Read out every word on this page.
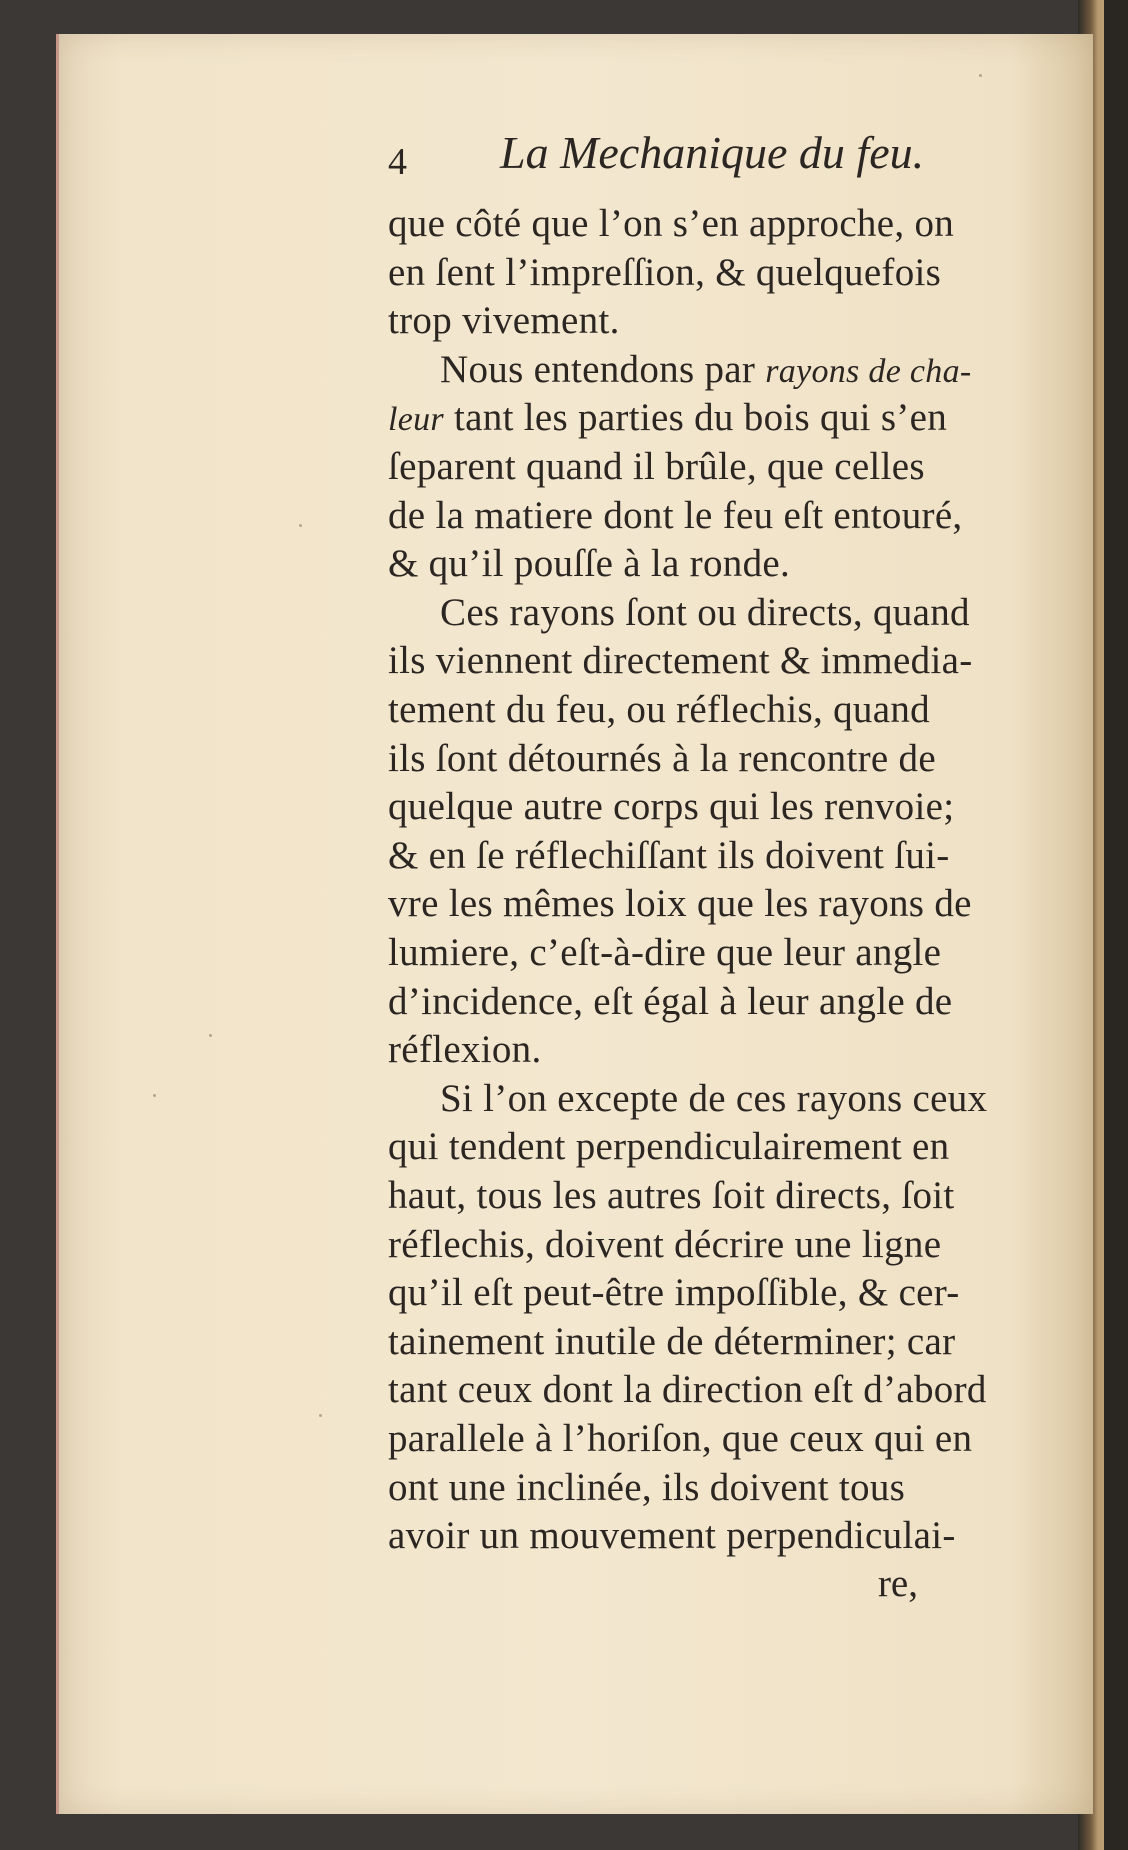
4 La Mechanique du feu.
que côté que l’on s’en approche, on
en ſent l’impreſſion, & quelquefois
trop vivement.
Nous entendons par rayons de cha-
leur tant les parties du bois qui s’en
ſeparent quand il brûle, que celles
de la matiere dont le feu eſt entouré,
& qu’il pouſſe à la ronde.
Ces rayons ſont ou directs, quand
ils viennent directement & immedia-
tement du feu, ou réflechis, quand
ils ſont détournés à la rencontre de
quelque autre corps qui les renvoie;
& en ſe réflechiſſant ils doivent ſui-
vre les mêmes loix que les rayons de
lumiere, c’eſt-à-dire que leur angle
d’incidence, eſt égal à leur angle de
réflexion.
Si l’on excepte de ces rayons ceux
qui tendent perpendiculairement en
haut, tous les autres ſoit directs, ſoit
réflechis, doivent décrire une ligne
qu’il eſt peut-être impoſſible, & cer-
tainement inutile de déterminer; car
tant ceux dont la direction eſt d’abord
parallele à l’horiſon, que ceux qui en
ont une inclinée, ils doivent tous
avoir un mouvement perpendiculai-
re,
